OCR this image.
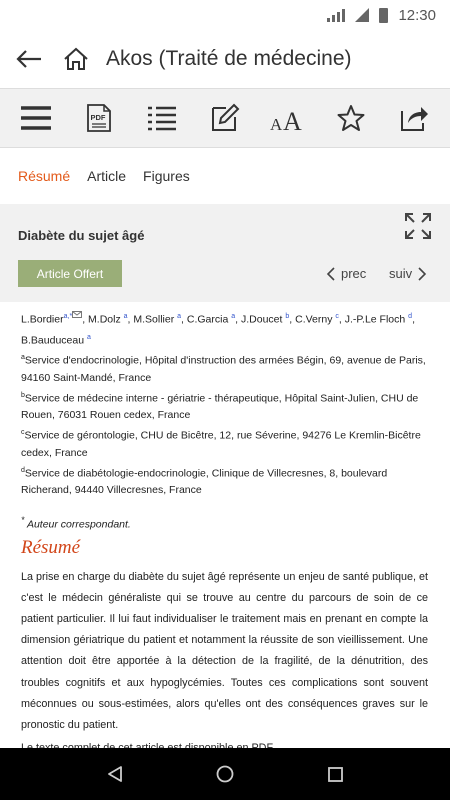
12:30
Akos (Traité de médecine)
PDF	A A
Résumé Article Figures
Diabète du sujet âgé
Article Offert	prec suiv
L.Bordier$^{a,*}$ , M.Dolz $^a$, M.Sollier $^a$, C.Garcia $^a$, J.Doucet $^b$, C.Verny $^c$, J.-P.Le Floch $^d$, B.Bauduceau $^a$
$^a$Service d'endocrinologie, Hôpital d'instruction des armées Bégin, 69, avenue de Paris, 94160 Saint-Mandé, France
$^b$Service de médecine interne - gériatrie - thérapeutique, Hôpital Saint-Julien, CHU de Rouen, 76031 Rouen cedex, France
$^c$Service de gérontologie, CHU de Bicêtre, 12, rue Séverine, 94276 Le Kremlin-Bicêtre cedex, France
$^d$Service de diabétologie-endocrinologie, Clinique de Villecresnes, 8, boulevard Richerand, 94440 Villecresnes, France
* Auteur correspondant.
Résumé

La prise en charge du diabète du sujet âgé représente un enjeu de santé publique, et c'est le médecin généraliste qui se trouve au centre du parcours de soin de ce patient particulier. Il lui faut individualiser le traitement mais en prenant en compte la dimension gériatrique du patient et notamment la réussite de son vieillissement. Une attention doit être apportée à la détection de la fragilité, de la dénutrition, des troubles cognitifs et aux hypoglycémies. Toutes ces complications sont souvent méconnues ou sous-estimées, alors qu'elles ont des conséquences graves sur le pronostic du patient.
